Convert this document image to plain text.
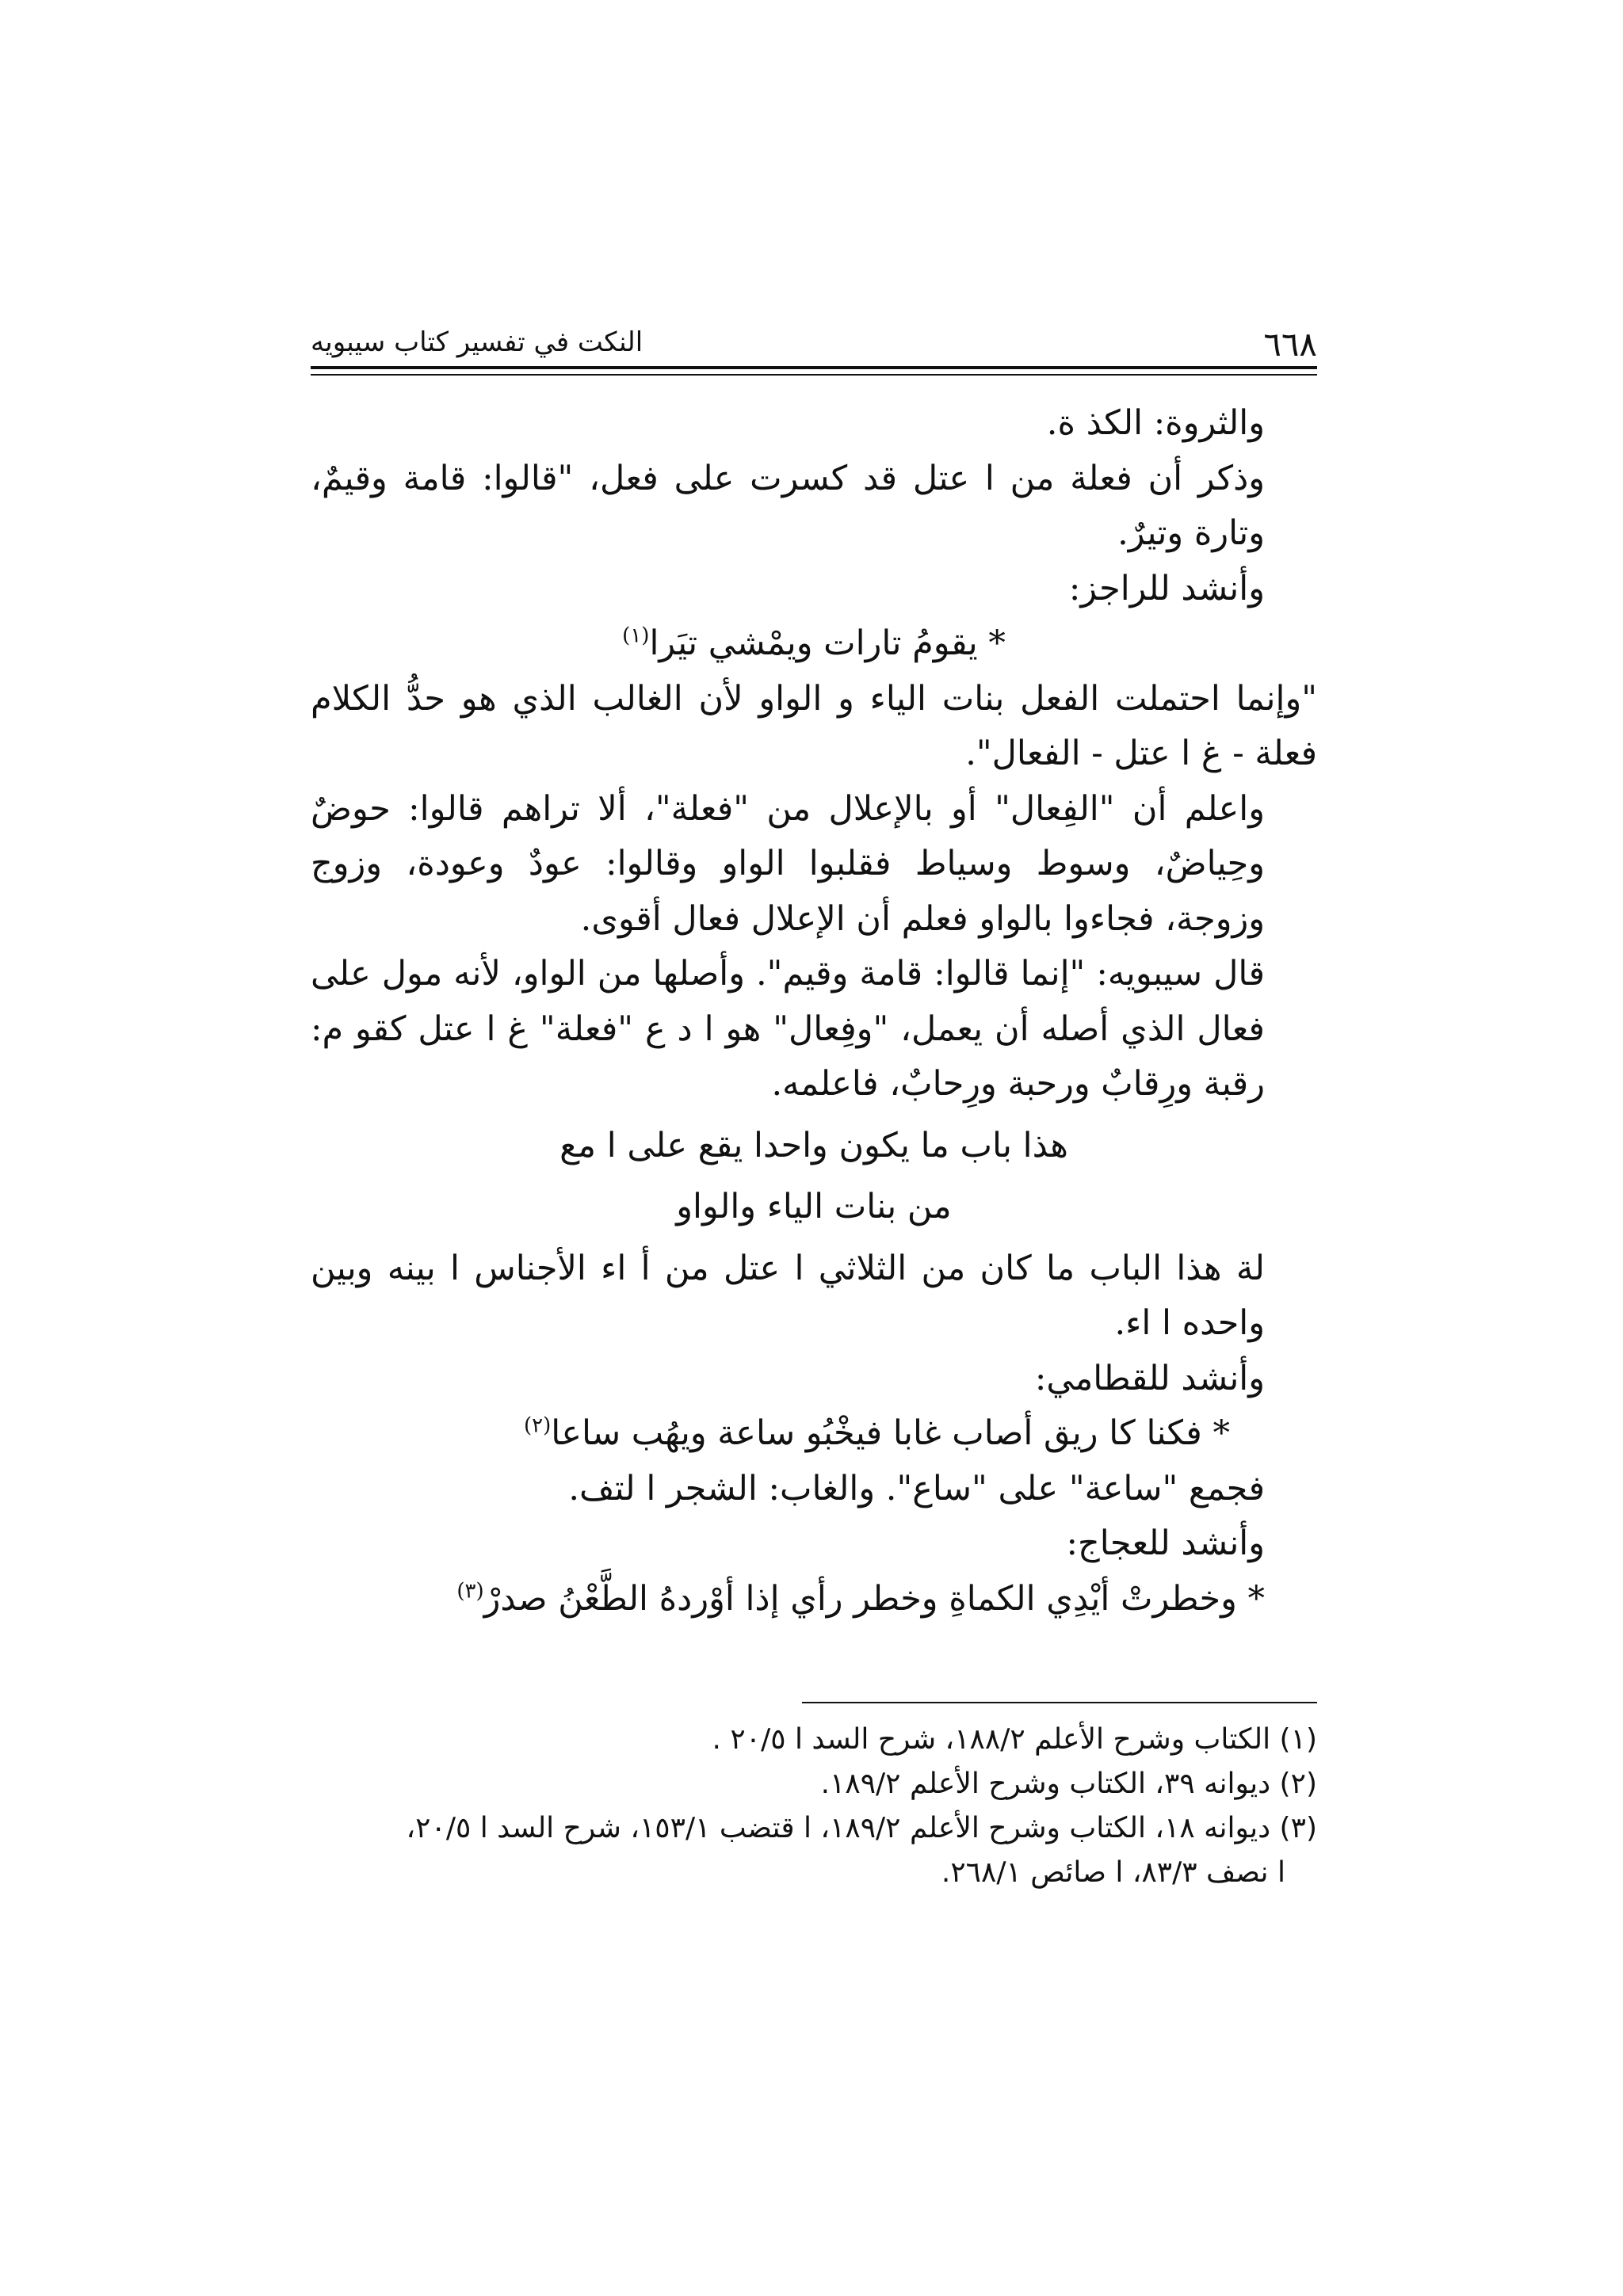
٦٦٨
النكت في تفسير كتاب سيبويه

والثروة: الكذ ة.

وذكر أن فعلة من ا عتل قد كسرت على فعل، "قالوا: قامة وقيمٌ، وتارة وتيرٌ.

وأنشد للراجز:

* يقومُ تارات ويمْشي تيَرا$^{(١)}$

"وإنما احتملت الفعل بنات الياء و الواو لأن الغالب الذي هو حدُّ الكلام فعلة - غ ا عتل - الفعال".

واعلم أن "الفِعال" أو بالإعلال من "فعلة"، ألا تراهم قالوا: حوضٌ وحِياضٌ، وسوط وسياط فقلبوا الواو وقالوا: عودٌ وعودة، وزوج وزوجة، فجاءوا بالواو فعلم أن الإعلال فعال أقوى.

قال سيبويه: "إنما قالوا: قامة وقيم". وأصلها من الواو، لأنه مول على فعال الذي أصله أن يعمل، "وفِعال" هو ا د ع "فعلة" غ ا عتل كقو م: رقبة ورِقابٌ ورحبة ورِحابٌ، فاعلمه.

هذا باب ما يكون واحدا يقع على ا مع

من بنات الياء والواو

لة هذا الباب ما كان من الثلاثي ا عتل من أ اء الأجناس ا بينه وبين واحده ا اء.

وأنشد للقطامي:

* فكنا كا ريق أصاب غابا فيخْبُو ساعة ويهُب ساعا$^{(٢)}$

فجمع "ساعة" على "ساع". والغاب: الشجر ا لتف.

وأنشد للعجاج:

* وخطرتْ أيْدِي الكماةِ وخطر رأي إذا أوْردهُ الطَّعْنُ صدرْ$^{(٣)}$

(١) الكتاب وشرح الأعلم ١٨٨/٢، شرح السد ا ٢٠/٥ .

(٢) ديوانه ٣٩، الكتاب وشرح الأعلم ١٨٩/٢.

(٣) ديوانه ١٨، الكتاب وشرح الأعلم ١٨٩/٢، ا قتضب ١٥٣/١، شرح السد ا ٢٠/٥،

ا نصف ٨٣/٣، ا صائص ٢٦٨/١.
